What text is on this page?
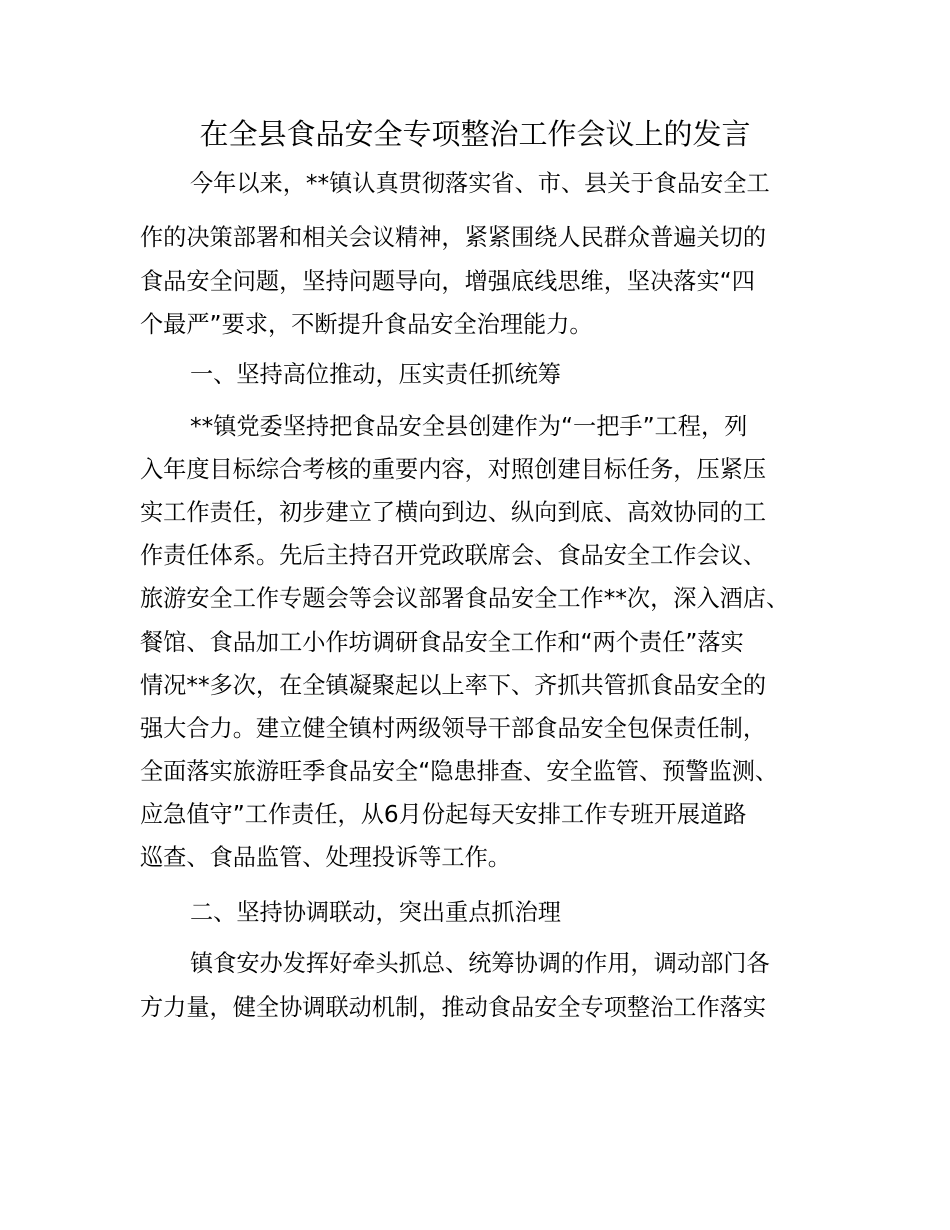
在全县食品安全专项整治工作会议上的发言

今年以来，**镇认真贯彻落实省、市、县关于食品安全工

作的决策部署和相关会议精神，紧紧围绕人民群众普遍关切的

食品安全问题，坚持问题导向，增强底线思维，坚决落实“四

个最严”要求，不断提升食品安全治理能力。

一、坚持高位推动，压实责任抓统筹

**镇党委坚持把食品安全县创建作为“一把手”工程，列

入年度目标综合考核的重要内容，对照创建目标任务，压紧压

实工作责任，初步建立了横向到边、纵向到底、高效协同的工

作责任体系。先后主持召开党政联席会、食品安全工作会议、

旅游安全工作专题会等会议部署食品安全工作**次，深入酒店、

餐馆、食品加工小作坊调研食品安全工作和“两个责任”落实

情况**多次，在全镇凝聚起以上率下、齐抓共管抓食品安全的

强大合力。建立健全镇村两级领导干部食品安全包保责任制，

全面落实旅游旺季食品安全“隐患排查、安全监管、预警监测、

应急值守”工作责任，从6月份起每天安排工作专班开展道路

巡查、食品监管、处理投诉等工作。

二、坚持协调联动，突出重点抓治理

镇食安办发挥好牵头抓总、统筹协调的作用，调动部门各

方力量，健全协调联动机制，推动食品安全专项整治工作落实
